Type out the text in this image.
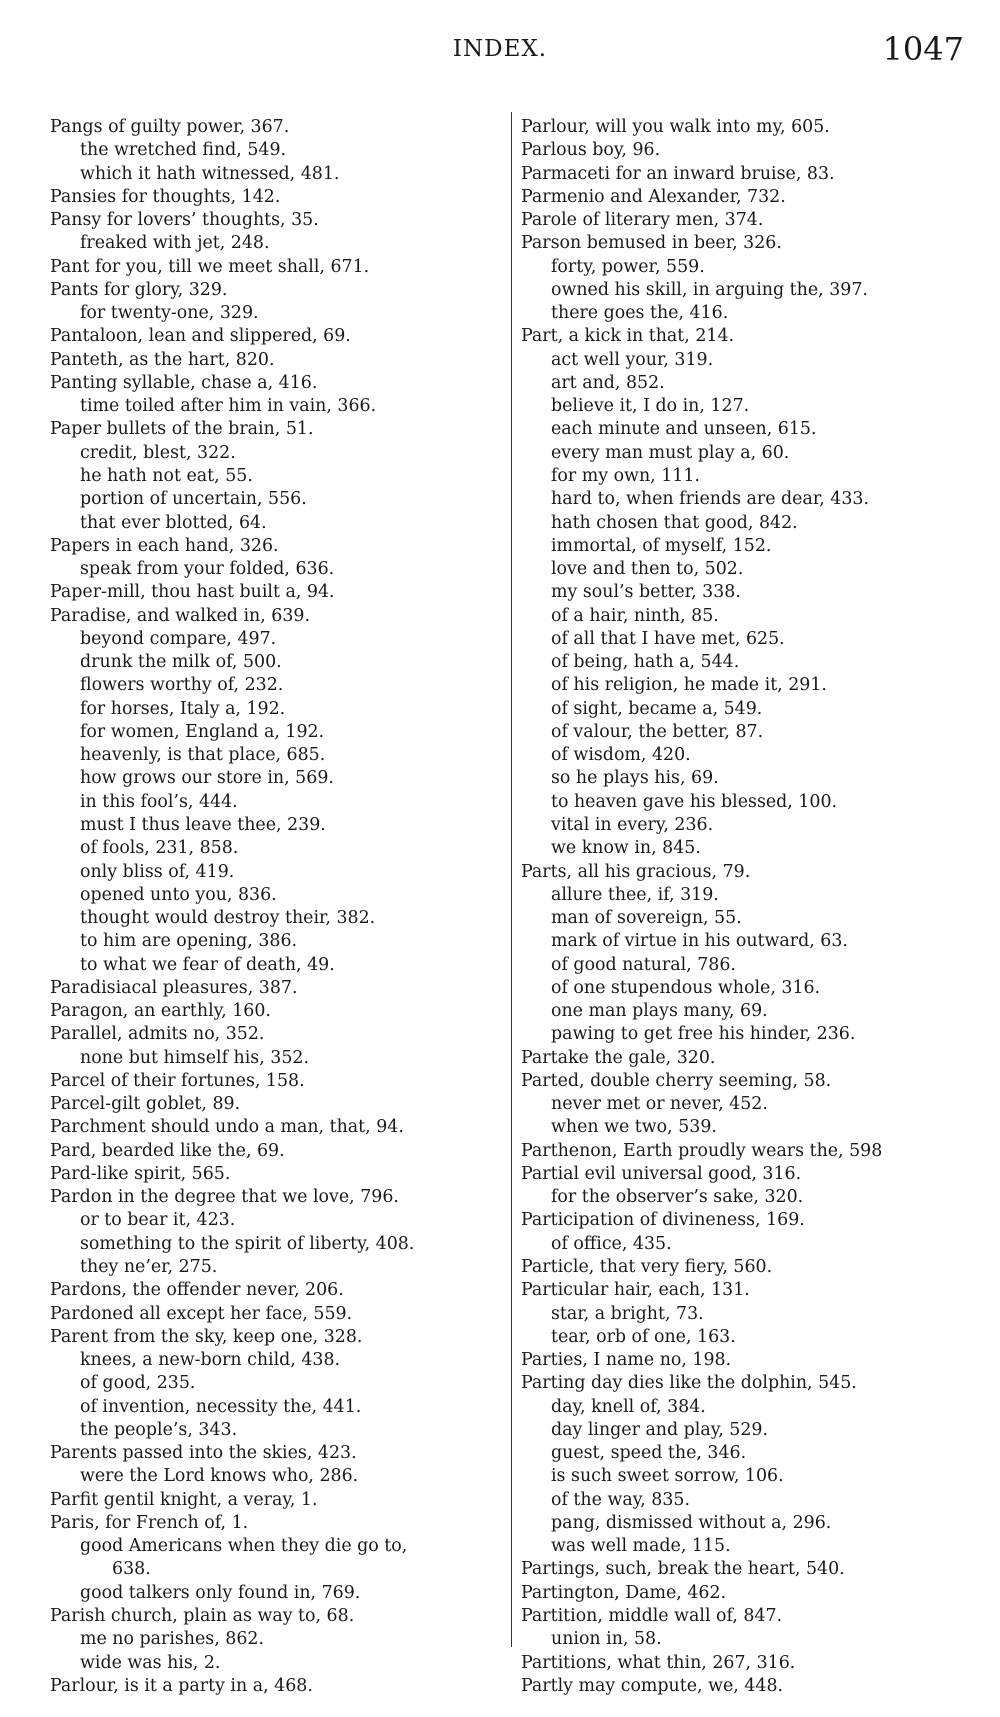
INDEX.	1047
Pangs of guilty power, 367.
the wretched find, 549.
which it hath witnessed, 481.
Pansies for thoughts, 142.
Pansy for lovers’ thoughts, 35.
freaked with jet, 248.
Pant for you, till we meet shall, 671.
Pants for glory, 329.
for twenty-one, 329.
Pantaloon, lean and slippered, 69.
Panteth, as the hart, 820.
Panting syllable, chase a, 416.
time toiled after him in vain, 366.
Paper bullets of the brain, 51.
credit, blest, 322.
he hath not eat, 55.
portion of uncertain, 556.
that ever blotted, 64.
Papers in each hand, 326.
speak from your folded, 636.
Paper-mill, thou hast built a, 94.
Paradise, and walked in, 639.
beyond compare, 497.
drunk the milk of, 500.
flowers worthy of, 232.
for horses, Italy a, 192.
for women, England a, 192.
heavenly, is that place, 685.
how grows our store in, 569.
in this fool’s, 444.
must I thus leave thee, 239.
of fools, 231, 858.
only bliss of, 419.
opened unto you, 836.
thought would destroy their, 382.
to him are opening, 386.
to what we fear of death, 49.
Paradisiacal pleasures, 387.
Paragon, an earthly, 160.
Parallel, admits no, 352.
none but himself his, 352.
Parcel of their fortunes, 158.
Parcel-gilt goblet, 89.
Parchment should undo a man, that, 94.
Pard, bearded like the, 69.
Pard-like spirit, 565.
Pardon in the degree that we love, 796.
or to bear it, 423.
something to the spirit of liberty, 408.
they ne’er, 275.
Pardons, the offender never, 206.
Pardoned all except her face, 559.
Parent from the sky, keep one, 328.
knees, a new-born child, 438.
of good, 235.
of invention, necessity the, 441.
the people’s, 343.
Parents passed into the skies, 423.
were the Lord knows who, 286.
Parfit gentil knight, a veray, 1.
Paris, for French of, 1.
good Americans when they die go to,
638.
good talkers only found in, 769.
Parish church, plain as way to, 68.
me no parishes, 862.
wide was his, 2.
Parlour, is it a party in a, 468.
Parlour, will you walk into my, 605.
Parlous boy, 96.
Parmaceti for an inward bruise, 83.
Parmenio and Alexander, 732.
Parole of literary men, 374.
Parson bemused in beer, 326.
forty, power, 559.
owned his skill, in arguing the, 397.
there goes the, 416.
Part, a kick in that, 214.
act well your, 319.
art and, 852.
believe it, I do in, 127.
each minute and unseen, 615.
every man must play a, 60.
for my own, 111.
hard to, when friends are dear, 433.
hath chosen that good, 842.
immortal, of myself, 152.
love and then to, 502.
my soul’s better, 338.
of a hair, ninth, 85.
of all that I have met, 625.
of being, hath a, 544.
of his religion, he made it, 291.
of sight, became a, 549.
of valour, the better, 87.
of wisdom, 420.
so he plays his, 69.
to heaven gave his blessed, 100.
vital in every, 236.
we know in, 845.
Parts, all his gracious, 79.
allure thee, if, 319.
man of sovereign, 55.
mark of virtue in his outward, 63.
of good natural, 786.
of one stupendous whole, 316.
one man plays many, 69.
pawing to get free his hinder, 236.
Partake the gale, 320.
Parted, double cherry seeming, 58.
never met or never, 452.
when we two, 539.
Parthenon, Earth proudly wears the, 598
Partial evil universal good, 316.
for the observer’s sake, 320.
Participation of divineness, 169.
of office, 435.
Particle, that very fiery, 560.
Particular hair, each, 131.
star, a bright, 73.
tear, orb of one, 163.
Parties, I name no, 198.
Parting day dies like the dolphin, 545.
day, knell of, 384.
day linger and play, 529.
guest, speed the, 346.
is such sweet sorrow, 106.
of the way, 835.
pang, dismissed without a, 296.
was well made, 115.
Partings, such, break the heart, 540.
Partington, Dame, 462.
Partition, middle wall of, 847.
union in, 58.
Partitions, what thin, 267, 316.
Partly may compute, we, 448.
